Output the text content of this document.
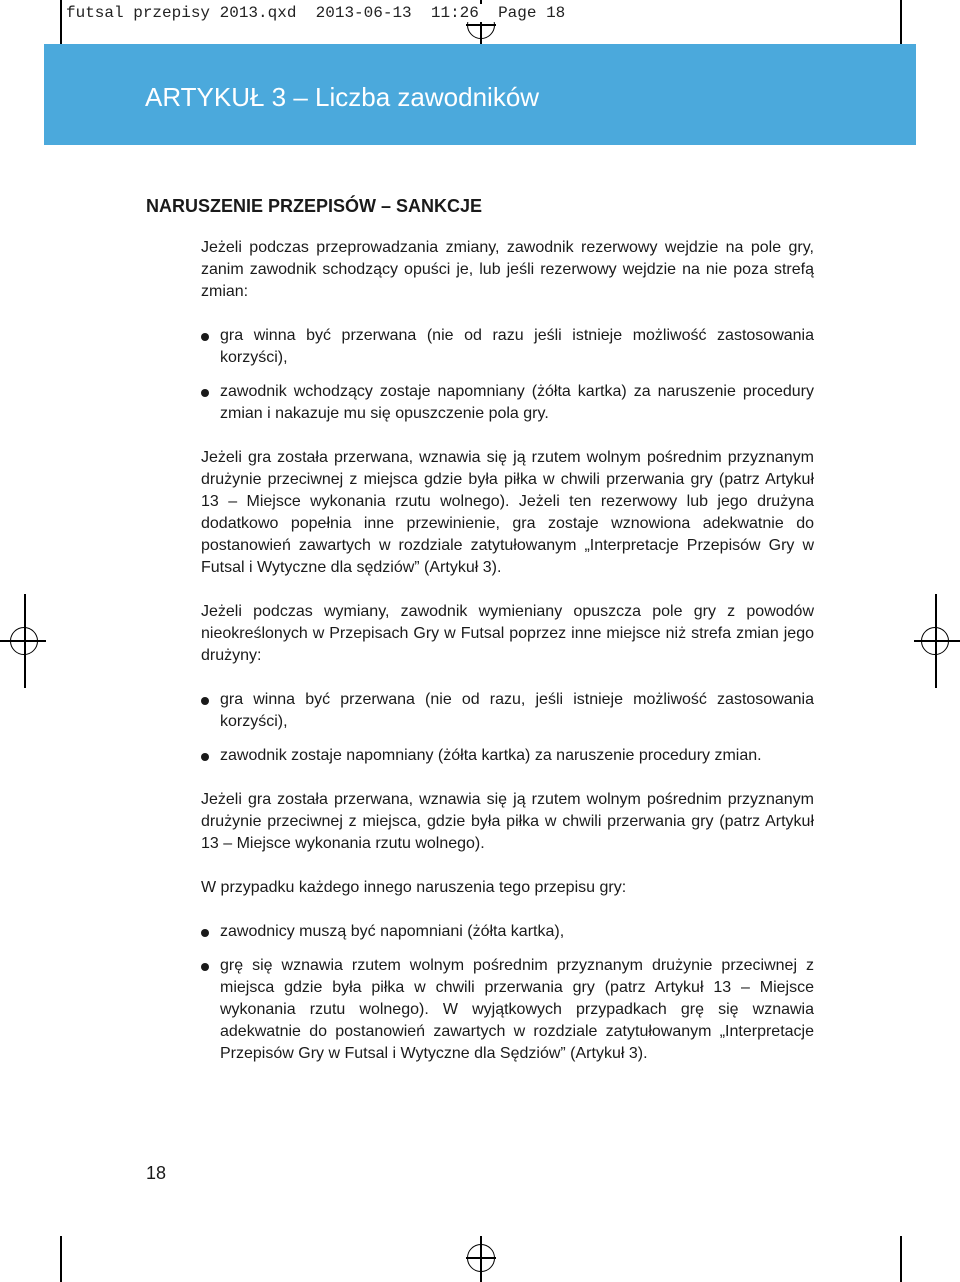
futsal przepisy 2013.qxd  2013-06-13  11:26  Page 18
ARTYKUŁ 3 – Liczba zawodników
NARUSZENIE PRZEPISÓW – SANKCJE

Jeżeli podczas przeprowadzania zmiany, zawodnik rezerwowy wejdzie na pole gry, zanim zawodnik schodzący opuści je, lub jeśli rezerwowy wejdzie na nie poza strefą zmian:

gra winna być przerwana (nie od razu jeśli istnieje możliwość zastosowania korzyści),
zawodnik wchodzący zostaje napomniany (żółta kartka) za naruszenie procedury zmian i nakazuje mu się opuszczenie pola gry.

Jeżeli gra została przerwana, wznawia się ją rzutem wolnym pośrednim przyznanym drużynie przeciwnej z miejsca gdzie była piłka w chwili przerwania gry (patrz Artykuł 13 – Miejsce wykonania rzutu wolnego). Jeżeli ten rezerwowy lub jego drużyna dodatkowo popełnia inne przewinienie, gra zostaje wznowiona adekwatnie do postanowień zawartych w rozdziale zatytułowanym „Interpretacje Przepisów Gry w Futsal i Wytyczne dla sędziów” (Artykuł 3).

Jeżeli podczas wymiany, zawodnik wymieniany opuszcza pole gry z powodów nieokreślonych w Przepisach Gry w Futsal poprzez inne miejsce niż strefa zmian jego drużyny:

gra winna być przerwana (nie od razu, jeśli istnieje możliwość zastosowania korzyści),
zawodnik zostaje napomniany (żółta kartka) za naruszenie procedury zmian.

Jeżeli gra została przerwana, wznawia się ją rzutem wolnym pośrednim przyznanym drużynie przeciwnej z miejsca, gdzie była piłka w chwili przerwania gry (patrz Artykuł 13 – Miejsce wykonania rzutu wolnego).

W przypadku każdego innego naruszenia tego przepisu gry:

zawodnicy muszą być napomniani (żółta kartka),
grę się wznawia rzutem wolnym pośrednim przyznanym drużynie przeciwnej z miejsca gdzie była piłka w chwili przerwania gry (patrz Artykuł 13 – Miejsce wykonania rzutu wolnego). W wyjątkowych przypadkach grę się wznawia adekwatnie do postanowień zawartych w rozdziale zatytułowanym „Interpretacje Przepisów Gry w Futsal i Wytyczne dla Sędziów” (Artykuł 3).
18
